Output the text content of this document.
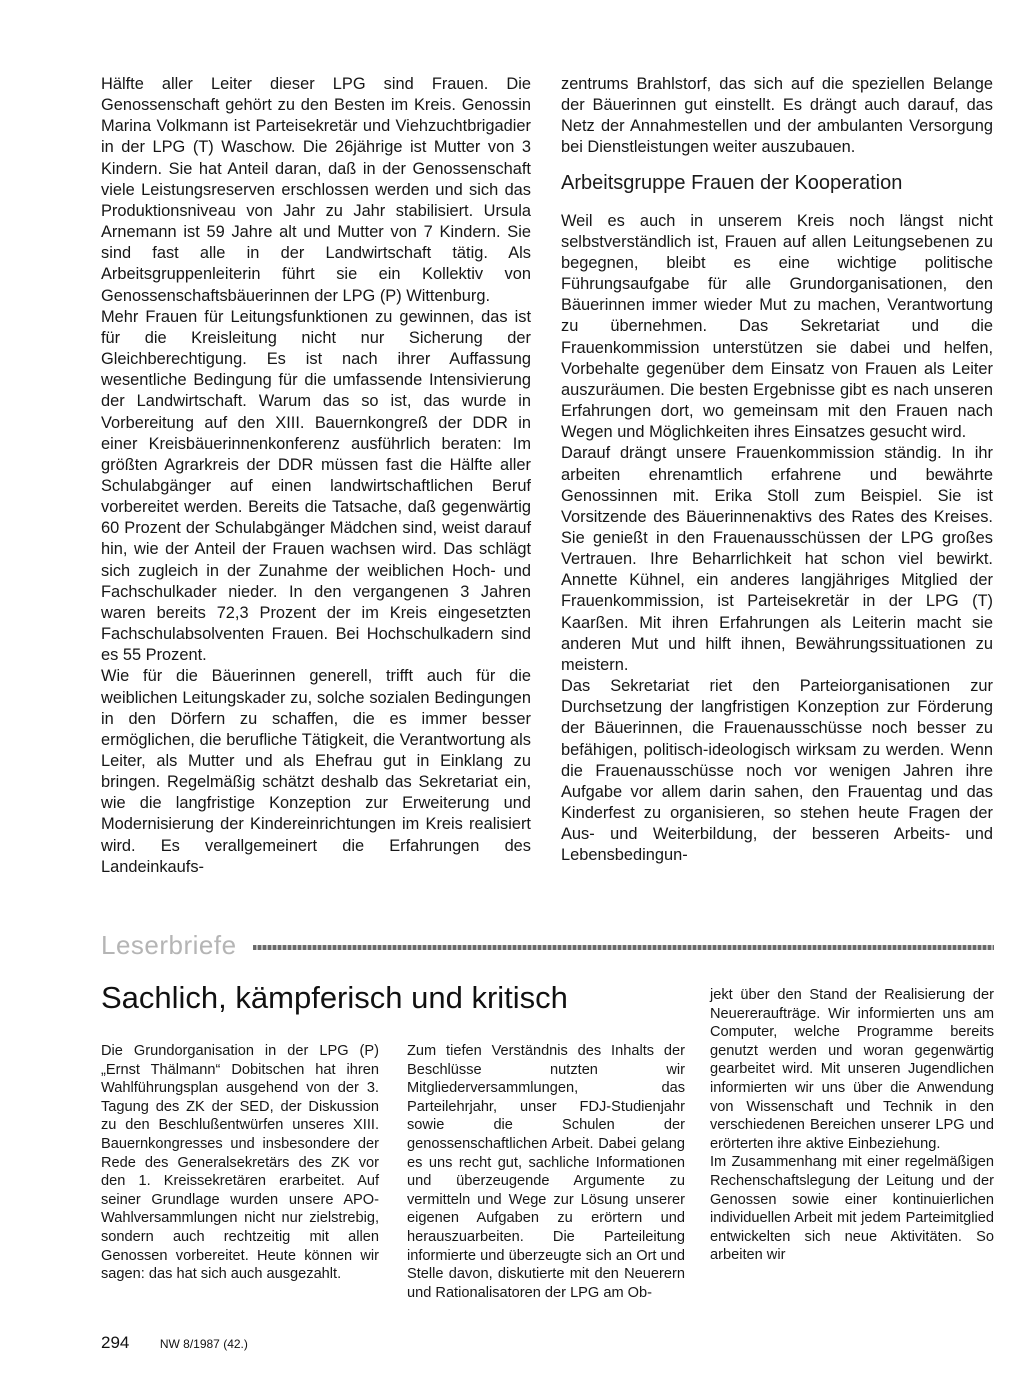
Hälfte aller Leiter dieser LPG sind Frauen. Die Genossenschaft gehört zu den Besten im Kreis. Genossin Marina Volkmann ist Parteisekretär und Viehzuchtbrigadier in der LPG (T) Waschow. Die 26jährige ist Mutter von 3 Kindern. Sie hat Anteil daran, daß in der Genossenschaft viele Leistungsreserven erschlossen werden und sich das Produktionsniveau von Jahr zu Jahr stabilisiert. Ursula Arnemann ist 59 Jahre alt und Mutter von 7 Kindern. Sie sind fast alle in der Landwirtschaft tätig. Als Arbeitsgruppenleiterin führt sie ein Kollektiv von Genossenschaftsbäuerinnen der LPG (P) Wittenburg.

Mehr Frauen für Leitungsfunktionen zu gewinnen, das ist für die Kreisleitung nicht nur Sicherung der Gleichberechtigung. Es ist nach ihrer Auffassung wesentliche Bedingung für die umfassende Intensivierung der Landwirtschaft. Warum das so ist, das wurde in Vorbereitung auf den XIII. Bauernkongreß der DDR in einer Kreisbäuerinnenkonferenz ausführlich beraten: Im größten Agrarkreis der DDR müssen fast die Hälfte aller Schulabgänger auf einen landwirtschaftlichen Beruf vorbereitet werden. Bereits die Tatsache, daß gegenwärtig 60 Prozent der Schulabgänger Mädchen sind, weist darauf hin, wie der Anteil der Frauen wachsen wird. Das schlägt sich zugleich in der Zunahme der weiblichen Hoch- und Fachschulkader nieder. In den vergangenen 3 Jahren waren bereits 72,3 Prozent der im Kreis eingesetzten Fachschulabsolventen Frauen. Bei Hochschulkadern sind es 55 Prozent.

Wie für die Bäuerinnen generell, trifft auch für die weiblichen Leitungskader zu, solche sozialen Bedingungen in den Dörfern zu schaffen, die es immer besser ermöglichen, die berufliche Tätigkeit, die Verantwortung als Leiter, als Mutter und als Ehefrau gut in Einklang zu bringen. Regelmäßig schätzt deshalb das Sekretariat ein, wie die langfristige Konzeption zur Erweiterung und Modernisierung der Kindereinrichtungen im Kreis realisiert wird. Es verallgemeinert die Erfahrungen des Landeinkaufs-

zentrums Brahlstorf, das sich auf die speziellen Belange der Bäuerinnen gut einstellt. Es drängt auch darauf, das Netz der Annahmestellen und der ambulanten Versorgung bei Dienstleistungen weiter auszubauen.

Arbeitsgruppe Frauen der Kooperation

Weil es auch in unserem Kreis noch längst nicht selbstverständlich ist, Frauen auf allen Leitungsebenen zu begegnen, bleibt es eine wichtige politische Führungsaufgabe für alle Grundorganisationen, den Bäuerinnen immer wieder Mut zu machen, Verantwortung zu übernehmen. Das Sekretariat und die Frauenkommission unterstützen sie dabei und helfen, Vorbehalte gegenüber dem Einsatz von Frauen als Leiter auszuräumen. Die besten Ergebnisse gibt es nach unseren Erfahrungen dort, wo gemeinsam mit den Frauen nach Wegen und Möglichkeiten ihres Einsatzes gesucht wird.

Darauf drängt unsere Frauenkommission ständig. In ihr arbeiten ehrenamtlich erfahrene und bewährte Genossinnen mit. Erika Stoll zum Beispiel. Sie ist Vorsitzende des Bäuerinnenaktivs des Rates des Kreises. Sie genießt in den Frauenausschüssen der LPG großes Vertrauen. Ihre Beharrlichkeit hat schon viel bewirkt. Annette Kühnel, ein anderes langjähriges Mitglied der Frauenkommission, ist Parteisekretär in der LPG (T) Kaarßen. Mit ihren Erfahrungen als Leiterin macht sie anderen Mut und hilft ihnen, Bewährungssituationen zu meistern.

Das Sekretariat riet den Parteiorganisationen zur Durchsetzung der langfristigen Konzeption zur Förderung der Bäuerinnen, die Frauenausschüsse noch besser zu befähigen, politisch-ideologisch wirksam zu werden. Wenn die Frauenausschüsse noch vor wenigen Jahren ihre Aufgabe vor allem darin sahen, den Frauentag und das Kinderfest zu organisieren, so stehen heute Fragen der Aus- und Weiterbildung, der besseren Arbeits- und Lebensbedingun-

Leserbriefe
Sachlich, kämpferisch und kritisch

Die Grundorganisation in der LPG (P) „Ernst Thälmann“ Dobitschen hat ihren Wahlführungsplan ausgehend von der 3. Tagung des ZK der SED, der Diskussion zu den Beschlußentwürfen unseres XIII. Bauernkongresses und insbesondere der Rede des Generalsekretärs des ZK vor den 1. Kreissekretären erarbeitet. Auf seiner Grundlage wurden unsere APO-Wahlversammlungen nicht nur zielstrebig, sondern auch rechtzeitig mit allen Genossen vorbereitet. Heute können wir sagen: das hat sich auch ausgezahlt.

Zum tiefen Verständnis des Inhalts der Beschlüsse nutzten wir Mitgliederversammlungen, das Parteilehrjahr, unser FDJ-Studienjahr sowie die Schulen der genossenschaftlichen Arbeit. Dabei gelang es uns recht gut, sachliche Informationen und überzeugende Argumente zu vermitteln und Wege zur Lösung unserer eigenen Aufgaben zu erörtern und herauszuarbeiten. Die Parteileitung informierte und überzeugte sich an Ort und Stelle davon, diskutierte mit den Neuerern und Rationalisatoren der LPG am Ob-

jekt über den Stand der Realisierung der Neuereraufträge. Wir informierten uns am Computer, welche Programme bereits genutzt werden und woran gegenwärtig gearbeitet wird. Mit unseren Jugendlichen informierten wir uns über die Anwendung von Wissenschaft und Technik in den verschiedenen Bereichen unserer LPG und erörterten ihre aktive Einbeziehung.

Im Zusammenhang mit einer regelmäßigen Rechenschaftslegung der Leitung und der Genossen sowie einer kontinuierlichen individuellen Arbeit mit jedem Parteimitglied entwickelten sich neue Aktivitäten. So arbeiten wir

294	NW 8/1987 (42.)
